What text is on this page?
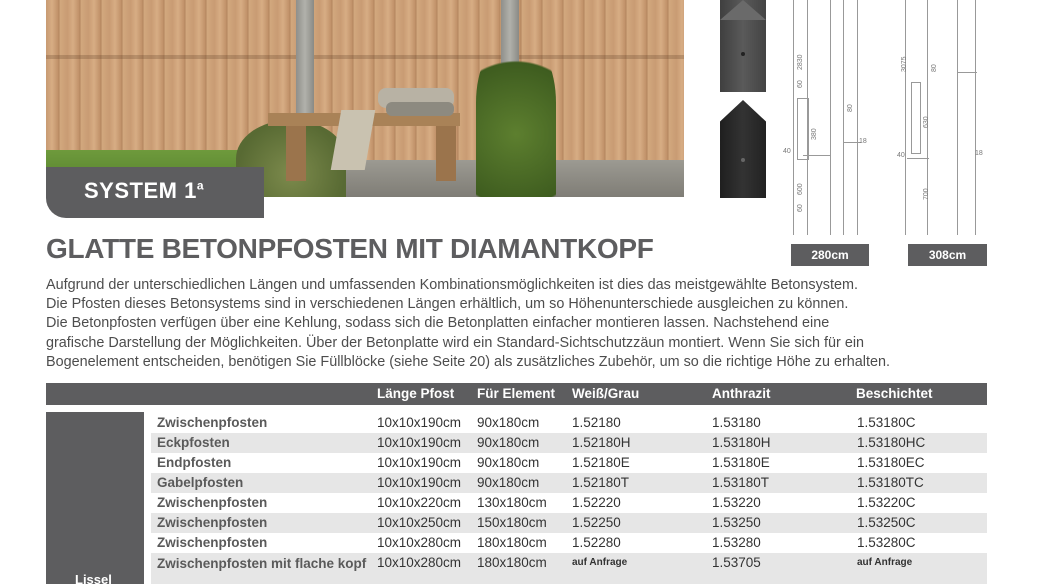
SYSTEM 1$^a$
2830
60
380
40
600
60
80
18
3075	80
630
40
700
18
280cm	308cm
GLATTE BETONPFOSTEN MIT DIAMANTKOPF
Aufgrund der unterschiedlichen Längen und umfassenden Kombinationsmöglichkeiten ist dies das meistgewählte Betonsystem.
Die Pfosten dieses Betonsystems sind in verschiedenen Längen erhältlich, um so Höhenunterschiede ausgleichen zu können.
Die Betonpfosten verfügen über eine Kehlung, sodass sich die Betonplatten einfacher montieren lassen. Nachstehend eine
grafische Darstellung der Möglichkeiten. Über der Betonplatte wird ein Standard-Sichtschutzzäun montiert. Wenn Sie sich für ein
Bogenelement entscheiden, benötigen Sie Füllblöcke (siehe Seite 20) als zusätzliches Zubehör, um so die richtige Höhe zu erhalten.
Länge Pfost Für Element Weiß/Grau	Anthrazit	Beschichtet
Lissel
Zwischenpfosten	10x10x190cm 90x180cm 1.52180	1.53180	1.53180C
Eckpfosten	10x10x190cm 90x180cm 1.52180H	1.53180H	1.53180HC
Endpfosten	10x10x190cm 90x180cm 1.52180E	1.53180E	1.53180EC
Gabelpfosten	10x10x190cm 90x180cm 1.52180T	1.53180T	1.53180TC
Zwischenpfosten	10x10x220cm 130x180cm 1.52220	1.53220	1.53220C
Zwischenpfosten	10x10x250cm 150x180cm 1.52250	1.53250	1.53250C
Zwischenpfosten	10x10x280cm 180x180cm 1.52280	1.53280	1.53280C
Zwischenpfosten mit flache kopf 10x10x280cm 180x180cm	auf Anfrage	1.53705	auf Anfrage
